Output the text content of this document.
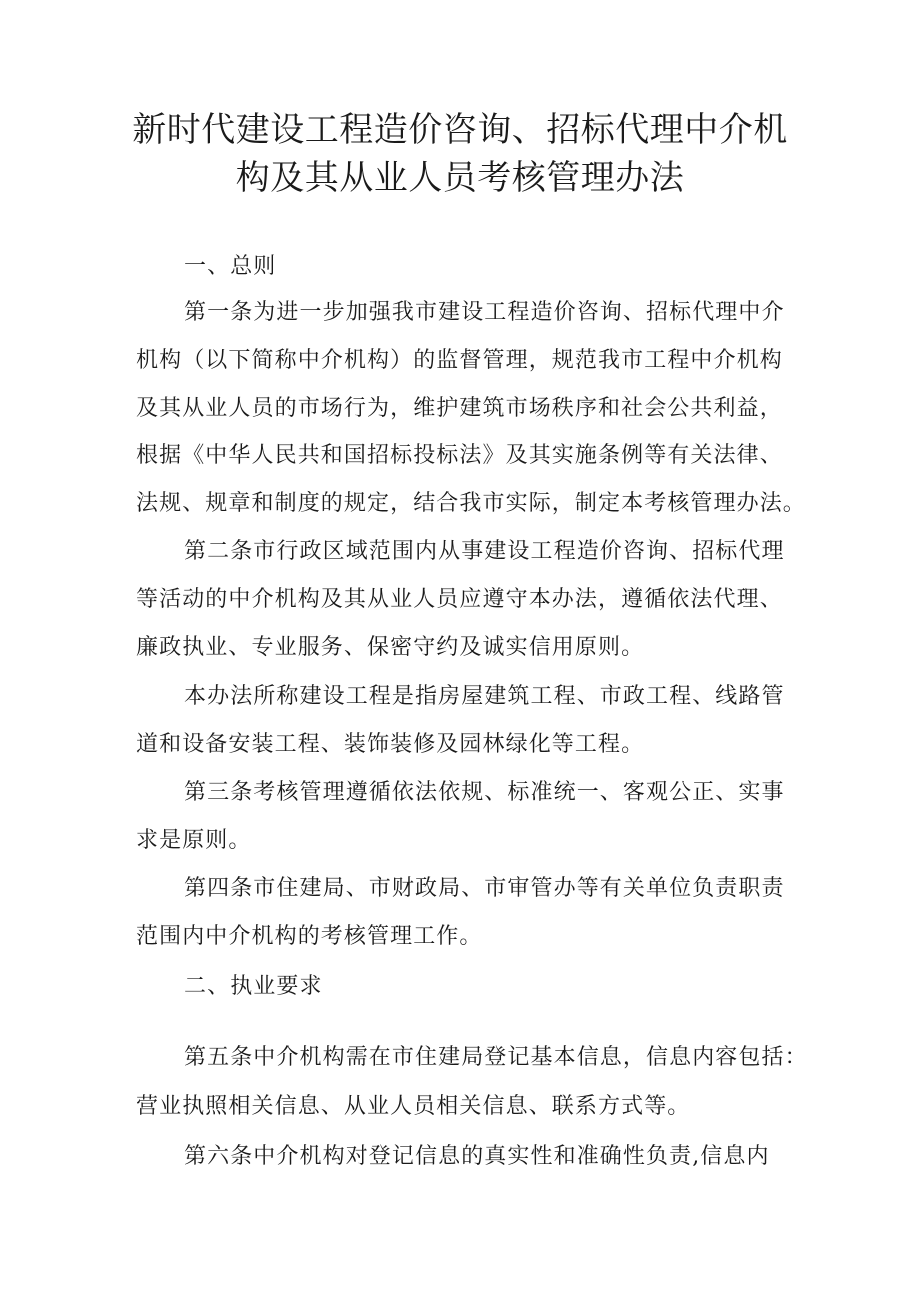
新时代建设工程造价咨询、招标代理中介机
构及其从业人员考核管理办法
一、总则
第一条为进一步加强我市建设工程造价咨询、招标代理中介
机构（以下简称中介机构）的监督管理，规范我市工程中介机构
及其从业人员的市场行为，维护建筑市场秩序和社会公共利益，
根据《中华人民共和国招标投标法》及其实施条例等有关法律、
法规、规章和制度的规定，结合我市实际，制定本考核管理办法。
第二条市行政区域范围内从事建设工程造价咨询、招标代理
等活动的中介机构及其从业人员应遵守本办法，遵循依法代理、
廉政执业、专业服务、保密守约及诚实信用原则。
本办法所称建设工程是指房屋建筑工程、市政工程、线路管
道和设备安装工程、装饰装修及园林绿化等工程。
第三条考核管理遵循依法依规、标准统一、客观公正、实事
求是原则。
第四条市住建局、市财政局、市审管办等有关单位负责职责
范围内中介机构的考核管理工作。
二、执业要求
第五条中介机构需在市住建局登记基本信息，信息内容包括：
营业执照相关信息、从业人员相关信息、联系方式等。
第六条中介机构对登记信息的真实性和准确性负责,信息内
